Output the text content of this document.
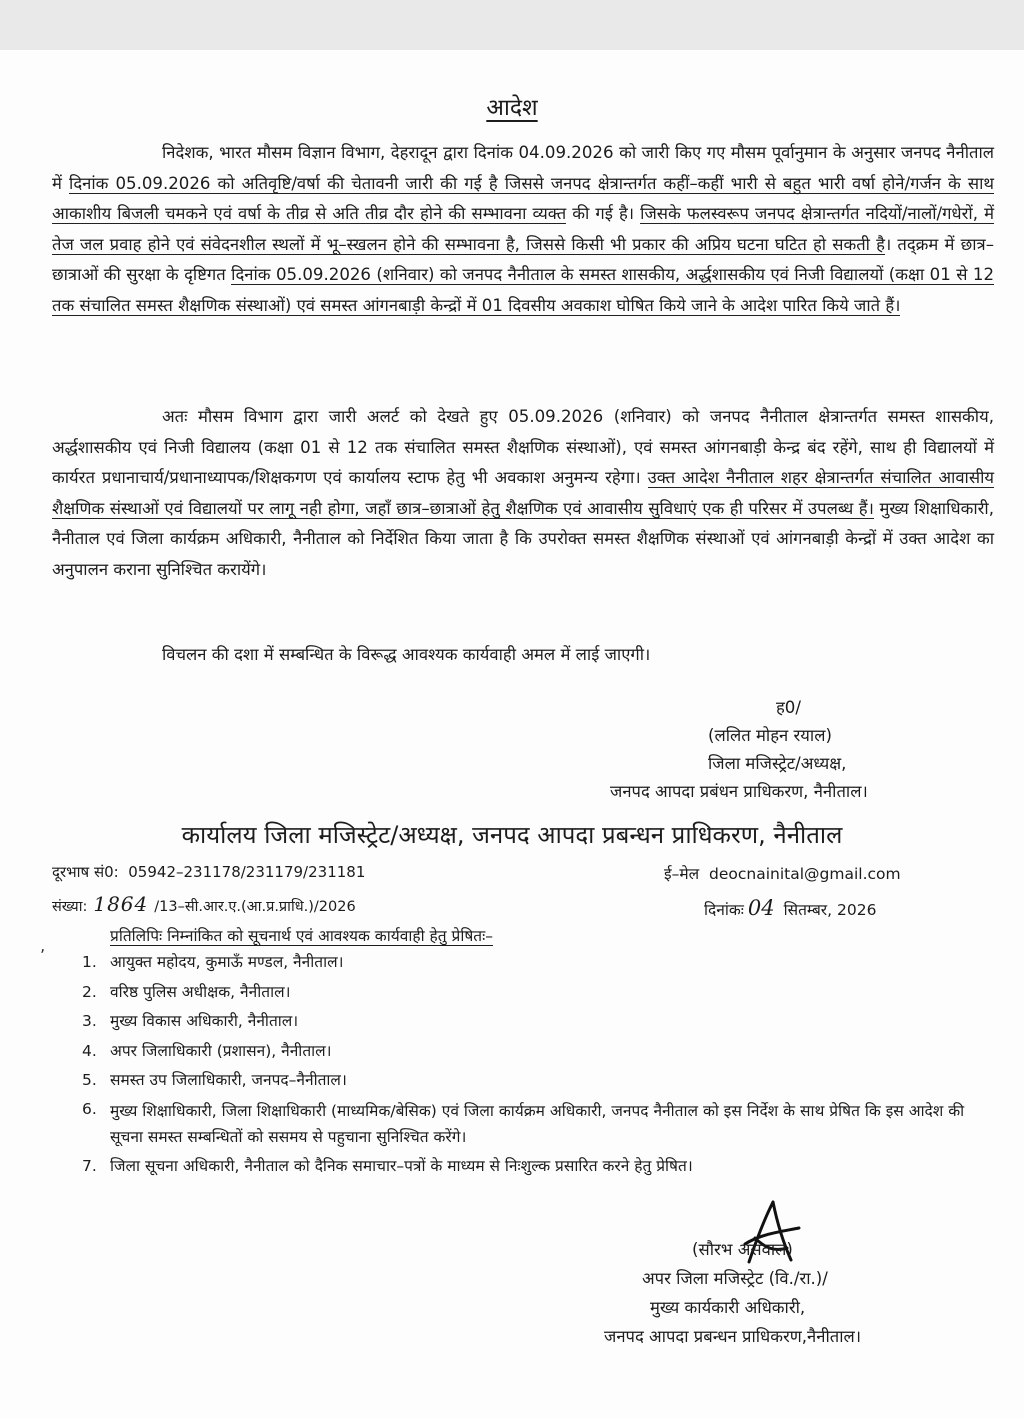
आदेश
निदेशक, भारत मौसम विज्ञान विभाग, देहरादून द्वारा दिनांक 04.09.2026 को जारी किए गए मौसम पूर्वानुमान के अनुसार जनपद नैनीताल में दिनांक 05.09.2026 को अतिवृष्टि/वर्षा की चेतावनी जारी की गई है जिससे जनपद क्षेत्रान्तर्गत कहीं–कहीं भारी से बहुत भारी वर्षा होने/गर्जन के साथ आकाशीय बिजली चमकने एवं वर्षा के तीव्र से अति तीव्र दौर होने की सम्भावना व्यक्त की गई है। जिसके फलस्वरूप जनपद क्षेत्रान्तर्गत नदियों/नालों/गधेरों, में तेज जल प्रवाह होने एवं संवेदनशील स्थलों में भू–स्खलन होने की सम्भावना है, जिससे किसी भी प्रकार की अप्रिय घटना घटित हो सकती है। तद्क्रम में छात्र–छात्राओं की सुरक्षा के दृष्टिगत दिनांक 05.09.2026 (शनिवार) को जनपद नैनीताल के समस्त शासकीय, अर्द्धशासकीय एवं निजी विद्यालयों (कक्षा 01 से 12 तक संचालित समस्त शैक्षणिक संस्थाओं) एवं समस्त आंगनबाड़ी केन्द्रों में 01 दिवसीय अवकाश घोषित किये जाने के आदेश पारित किये जाते हैं।
अतः मौसम विभाग द्वारा जारी अलर्ट को देखते हुए 05.09.2026 (शनिवार) को जनपद नैनीताल क्षेत्रान्तर्गत समस्त शासकीय, अर्द्धशासकीय एवं निजी विद्यालय (कक्षा 01 से 12 तक संचालित समस्त शैक्षणिक संस्थाओं), एवं समस्त आंगनबाड़ी केन्द्र बंद रहेंगे, साथ ही विद्यालयों में कार्यरत प्रधानाचार्य/प्रधानाध्यापक/शिक्षकगण एवं कार्यालय स्टाफ हेतु भी अवकाश अनुमन्य रहेगा। उक्त आदेश नैनीताल शहर क्षेत्रान्तर्गत संचालित आवासीय शैक्षणिक संस्थाओं एवं विद्यालयों पर लागू नही होगा, जहाँ छात्र–छात्राओं हेतु शैक्षणिक एवं आवासीय सुविधाएं एक ही परिसर में उपलब्ध हैं। मुख्य शिक्षाधिकारी, नैनीताल एवं जिला कार्यक्रम अधिकारी, नैनीताल को निर्देशित किया जाता है कि उपरोक्त समस्त शैक्षणिक संस्थाओं एवं आंगनबाड़ी केन्द्रों में उक्त आदेश का अनुपालन कराना सुनिश्चित करायेंगे।
विचलन की दशा में सम्बन्धित के विरूद्ध आवश्यक कार्यवाही अमल में लाई जाएगी।
ह0/
(ललित मोहन रयाल)
जिला मजिस्ट्रेट/अध्यक्ष,
जनपद आपदा प्रबंधन प्राधिकरण, नैनीताल।
कार्यालय जिला मजिस्ट्रेट/अध्यक्ष, जनपद आपदा प्रबन्धन प्राधिकरण, नैनीताल
दूरभाष सं0: 05942–231178/231179/231181	ई–मेल deocnainital@gmail.com
संख्या: 1864 /13–सी.आर.ए.(आ.प्र.प्राधि.)/2026	दिनांकः 04 सितम्बर, 2026
‚	प्रतिलिपिः निम्नांकित को सूचनार्थ एवं आवश्यक कार्यवाही हेतु प्रेषितः–
1. आयुक्त महोदय, कुमाऊँ मण्डल, नैनीताल।
2. वरिष्ठ पुलिस अधीक्षक, नैनीताल।
3. मुख्य विकास अधिकारी, नैनीताल।
4. अपर जिलाधिकारी (प्रशासन), नैनीताल।
5. समस्त उप जिलाधिकारी, जनपद–नैनीताल।
6. मुख्य शिक्षाधिकारी, जिला शिक्षाधिकारी (माध्यमिक/बेसिक) एवं जिला कार्यक्रम अधिकारी, जनपद नैनीताल को इस निर्देश के साथ प्रेषित कि इस आदेश की सूचना समस्त सम्बन्धितों को ससमय से पहुचाना सुनिश्चित करेंगे।
7. जिला सूचना अधिकारी, नैनीताल को दैनिक समाचार–पत्रों के माध्यम से निःशुल्क प्रसारित करने हेतु प्रेषित।
(सौरभ असवाल)
अपर जिला मजिस्ट्रेट (वि./रा.)/
मुख्य कार्यकारी अधिकारी,
जनपद आपदा प्रबन्धन प्राधिकरण,नैनीताल।
